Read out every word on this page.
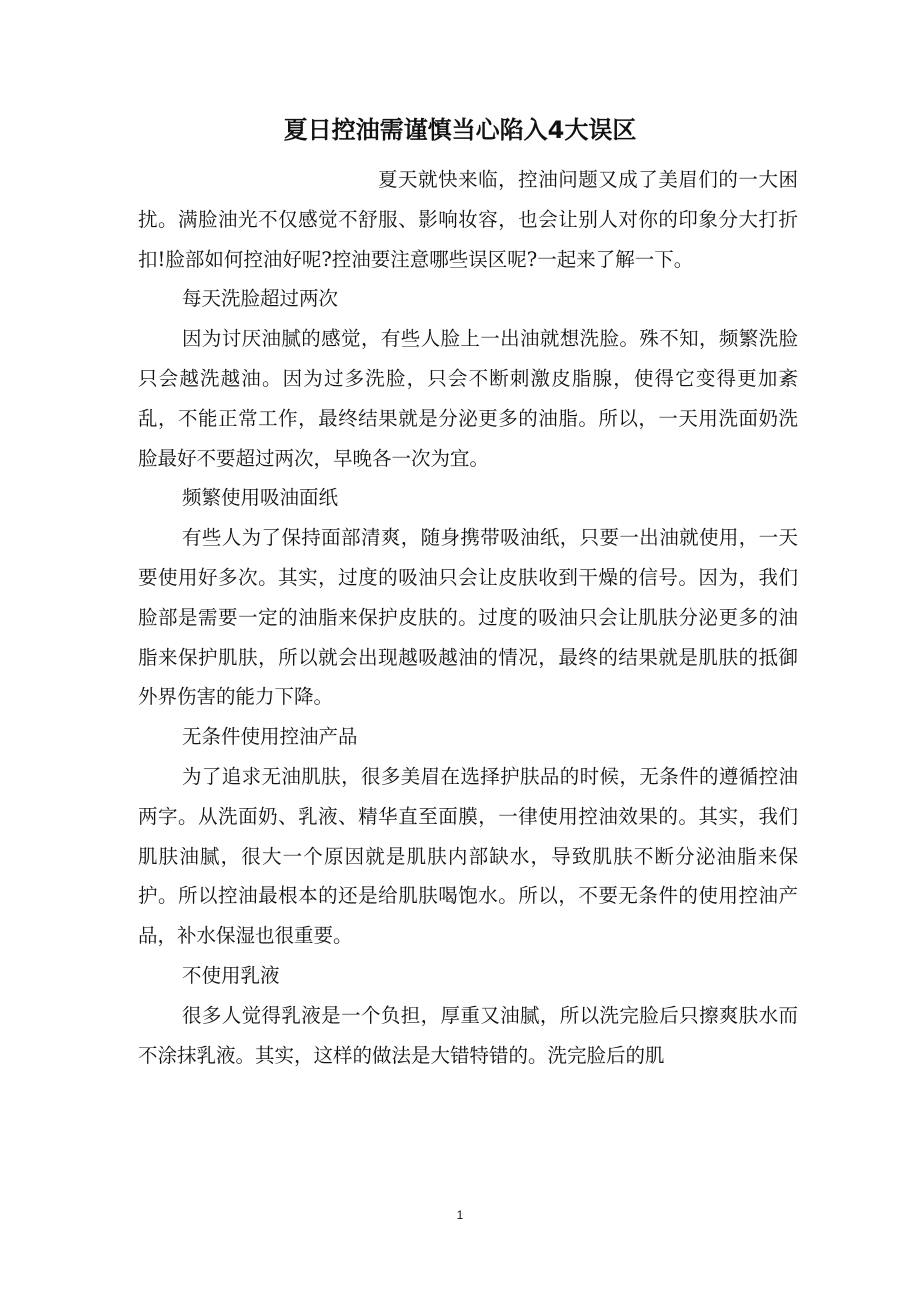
夏日控油需谨慎当心陷入4大误区

夏天就快来临，控油问题又成了美眉们的一大困扰。满脸油光不仅感觉不舒服、影响妆容，也会让别人对你的印象分大打折扣!脸部如何控油好呢?控油要注意哪些误区呢?一起来了解一下。

每天洗脸超过两次

因为讨厌油腻的感觉，有些人脸上一出油就想洗脸。殊不知，频繁洗脸只会越洗越油。因为过多洗脸，只会不断刺激皮脂腺，使得它变得更加紊乱，不能正常工作，最终结果就是分泌更多的油脂。所以，一天用洗面奶洗脸最好不要超过两次，早晚各一次为宜。

频繁使用吸油面纸

有些人为了保持面部清爽，随身携带吸油纸，只要一出油就使用，一天要使用好多次。其实，过度的吸油只会让皮肤收到干燥的信号。因为，我们脸部是需要一定的油脂来保护皮肤的。过度的吸油只会让肌肤分泌更多的油脂来保护肌肤，所以就会出现越吸越油的情况，最终的结果就是肌肤的抵御外界伤害的能力下降。

无条件使用控油产品

为了追求无油肌肤，很多美眉在选择护肤品的时候，无条件的遵循控油两字。从洗面奶、乳液、精华直至面膜，一律使用控油效果的。其实，我们肌肤油腻，很大一个原因就是肌肤内部缺水，导致肌肤不断分泌油脂来保护。所以控油最根本的还是给肌肤喝饱水。所以，不要无条件的使用控油产品，补水保湿也很重要。

不使用乳液

很多人觉得乳液是一个负担，厚重又油腻，所以洗完脸后只擦爽肤水而不涂抹乳液。其实，这样的做法是大错特错的。洗完脸后的肌

1
